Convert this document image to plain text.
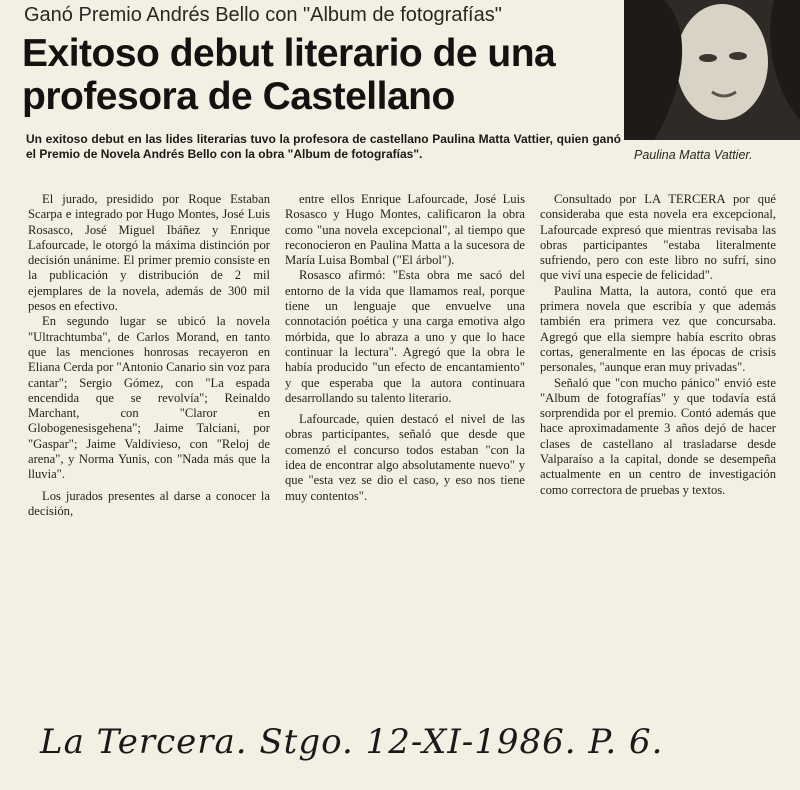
Ganó Premio Andrés Bello con "Album de fotografías"
Exitoso debut literario de una profesora de Castellano
Paulina Matta Vattier.
Un exitoso debut en las lides literarias tuvo la profesora de castellano Paulina Matta Vattier, quien ganó el Premio de Novela Andrés Bello con la obra "Album de fotografías".

El jurado, presidido por Roque Estaban Scarpa e integrado por Hugo Montes, José Luis Rosasco, José Miguel Ibáñez y Enrique Lafourcade, le otorgó la máxima distinción por decisión unánime. El primer premio consiste en la publicación y distribución de 2 mil ejemplares de la novela, además de 300 mil pesos en efectivo.

En segundo lugar se ubicó la novela "Ultrachtumba", de Carlos Morand, en tanto que las menciones honrosas recayeron en Eliana Cerda por "Antonio Canario sin voz para cantar"; Sergio Gómez, con "La espada encendida que se revolvía"; Reinaldo Marchant, con "Claror en Globogenesisgehena"; Jaime Talciani, por "Gaspar"; Jaime Valdivieso, con "Reloj de arena", y Norma Yunis, con "Nada más que la lluvia".

Los jurados presentes al darse a conocer la decisión,

entre ellos Enrique Lafourcade, José Luis Rosasco y Hugo Montes, calificaron la obra como "una novela excepcional", al tiempo que reconocieron en Paulina Matta a la sucesora de María Luisa Bombal ("El árbol").

Rosasco afirmó: "Esta obra me sacó del entorno de la vida que llamamos real, porque tiene un lenguaje que envuelve una connotación poética y una carga emotiva algo mórbida, que lo abraza a uno y que lo hace continuar la lectura". Agregó que la obra le había producido "un efecto de encantamiento" y que esperaba que la autora continuara desarrollando su talento literario.

Lafourcade, quien destacó el nivel de las obras participantes, señaló que desde que comenzó el concurso todos estaban "con la idea de encontrar algo absolutamente nuevo" y que "esta vez se dio el caso, y eso nos tiene muy contentos".

Consultado por LA TERCERA por qué consideraba que esta novela era excepcional, Lafourcade expresó que mientras revisaba las obras participantes "estaba literalmente sufriendo, pero con este libro no sufrí, sino que viví una especie de felicidad".

Paulina Matta, la autora, contó que era primera novela que escribía y que además también era primera vez que concursaba. Agregó que ella siempre había escrito obras cortas, generalmente en las épocas de crisis personales, "aunque eran muy privadas".

Señaló que "con mucho pánico" envió este "Album de fotografías" y que todavía está sorprendida por el premio. Contó además que hace aproximadamente 3 años dejó de hacer clases de castellano al trasladarse desde Valparaíso a la capital, donde se desempeña actualmente en un centro de investigación como correctora de pruebas y textos.

La Tercera. Stgo. 12-XI-1986. P. 6.
